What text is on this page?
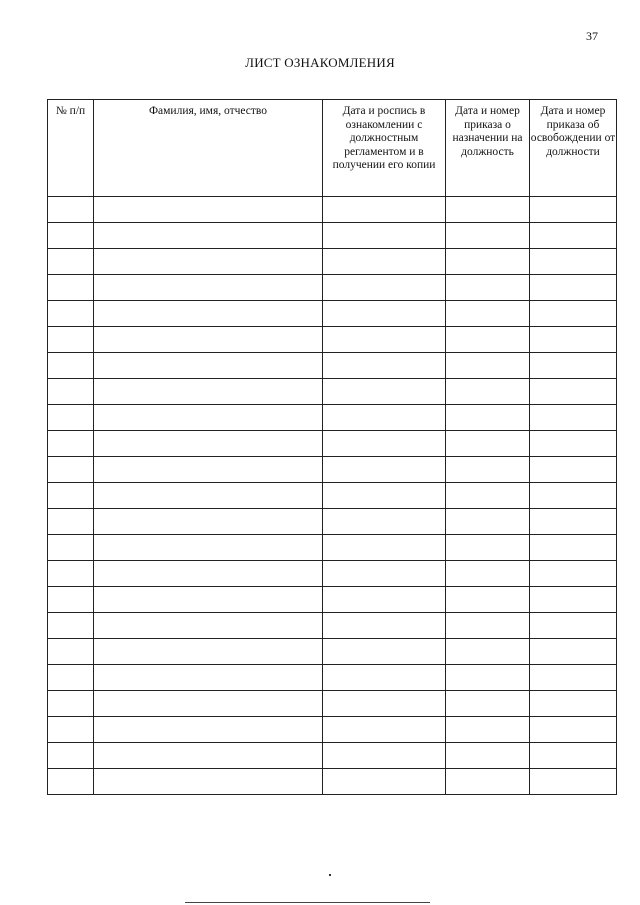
37
ЛИСТ ОЗНАКОМЛЕНИЯ
№ п/п	Фамилия, имя, отчество	Дата и роспись в ознакомлении с должностным регламентом и в получении его копии	Дата и номер приказа о назначении на должность	Дата и номер приказа об освобождении от должности
